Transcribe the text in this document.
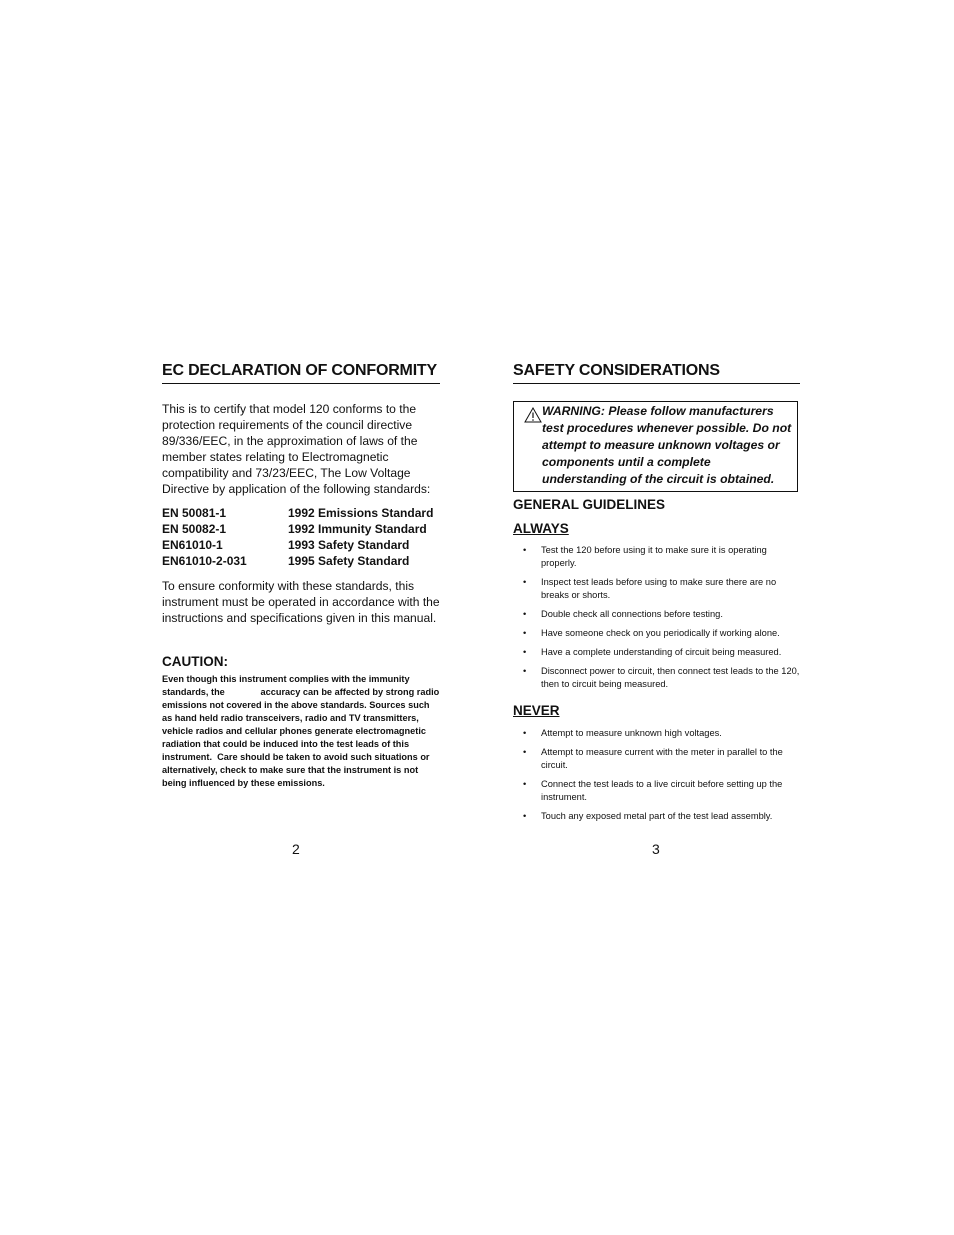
EC DECLARATION OF CONFORMITY

This is to certify that model 120 conforms to the protection requirements of the council directive 89/336/EEC, in the approximation of laws of the member states relating to Electromagnetic compatibility and 73/23/EEC, The Low Voltage Directive by application of the following standards:

EN 50081-1	1992 Emissions Standard
EN 50082-1	1992 Immunity Standard
EN61010-1	1993 Safety Standard
EN61010-2-031	1995 Safety Standard

To ensure conformity with these standards, this instrument must be operated in accordance with the instructions and specifications given in this manual.

CAUTION:

Even though this instrument complies with the immunity standards, the              accuracy can be affected by strong radio emissions not covered in the above standards. Sources such as hand held radio transceivers, radio and TV transmitters, vehicle radios and cellular phones generate electromagnetic radiation that could be induced into the test leads of this instrument.  Care should be taken to avoid such situations or alternatively, check to make sure that the instrument is not being influenced by these emissions.

2
SAFETY CONSIDERATIONS

WARNING: Please follow manufacturers test procedures whenever possible. Do not attempt to measure unknown voltages or components until a complete understanding of the circuit is obtained.

GENERAL GUIDELINES
ALWAYS
• Test the 120 before using it to make sure it is operating properly.
• Inspect test leads before using to make sure there are no breaks or shorts.
• Double check all connections before testing.
• Have someone check on you periodically if working alone.
• Have a complete understanding of circuit being measured.
• Disconnect power to circuit, then connect test leads to the 120, then to circuit being measured.
NEVER
• Attempt to measure unknown high voltages.
• Attempt to measure current with the meter in parallel to the circuit.
• Connect the test leads to a live circuit before setting up the instrument.
• Touch any exposed metal part of the test lead assembly.
3
